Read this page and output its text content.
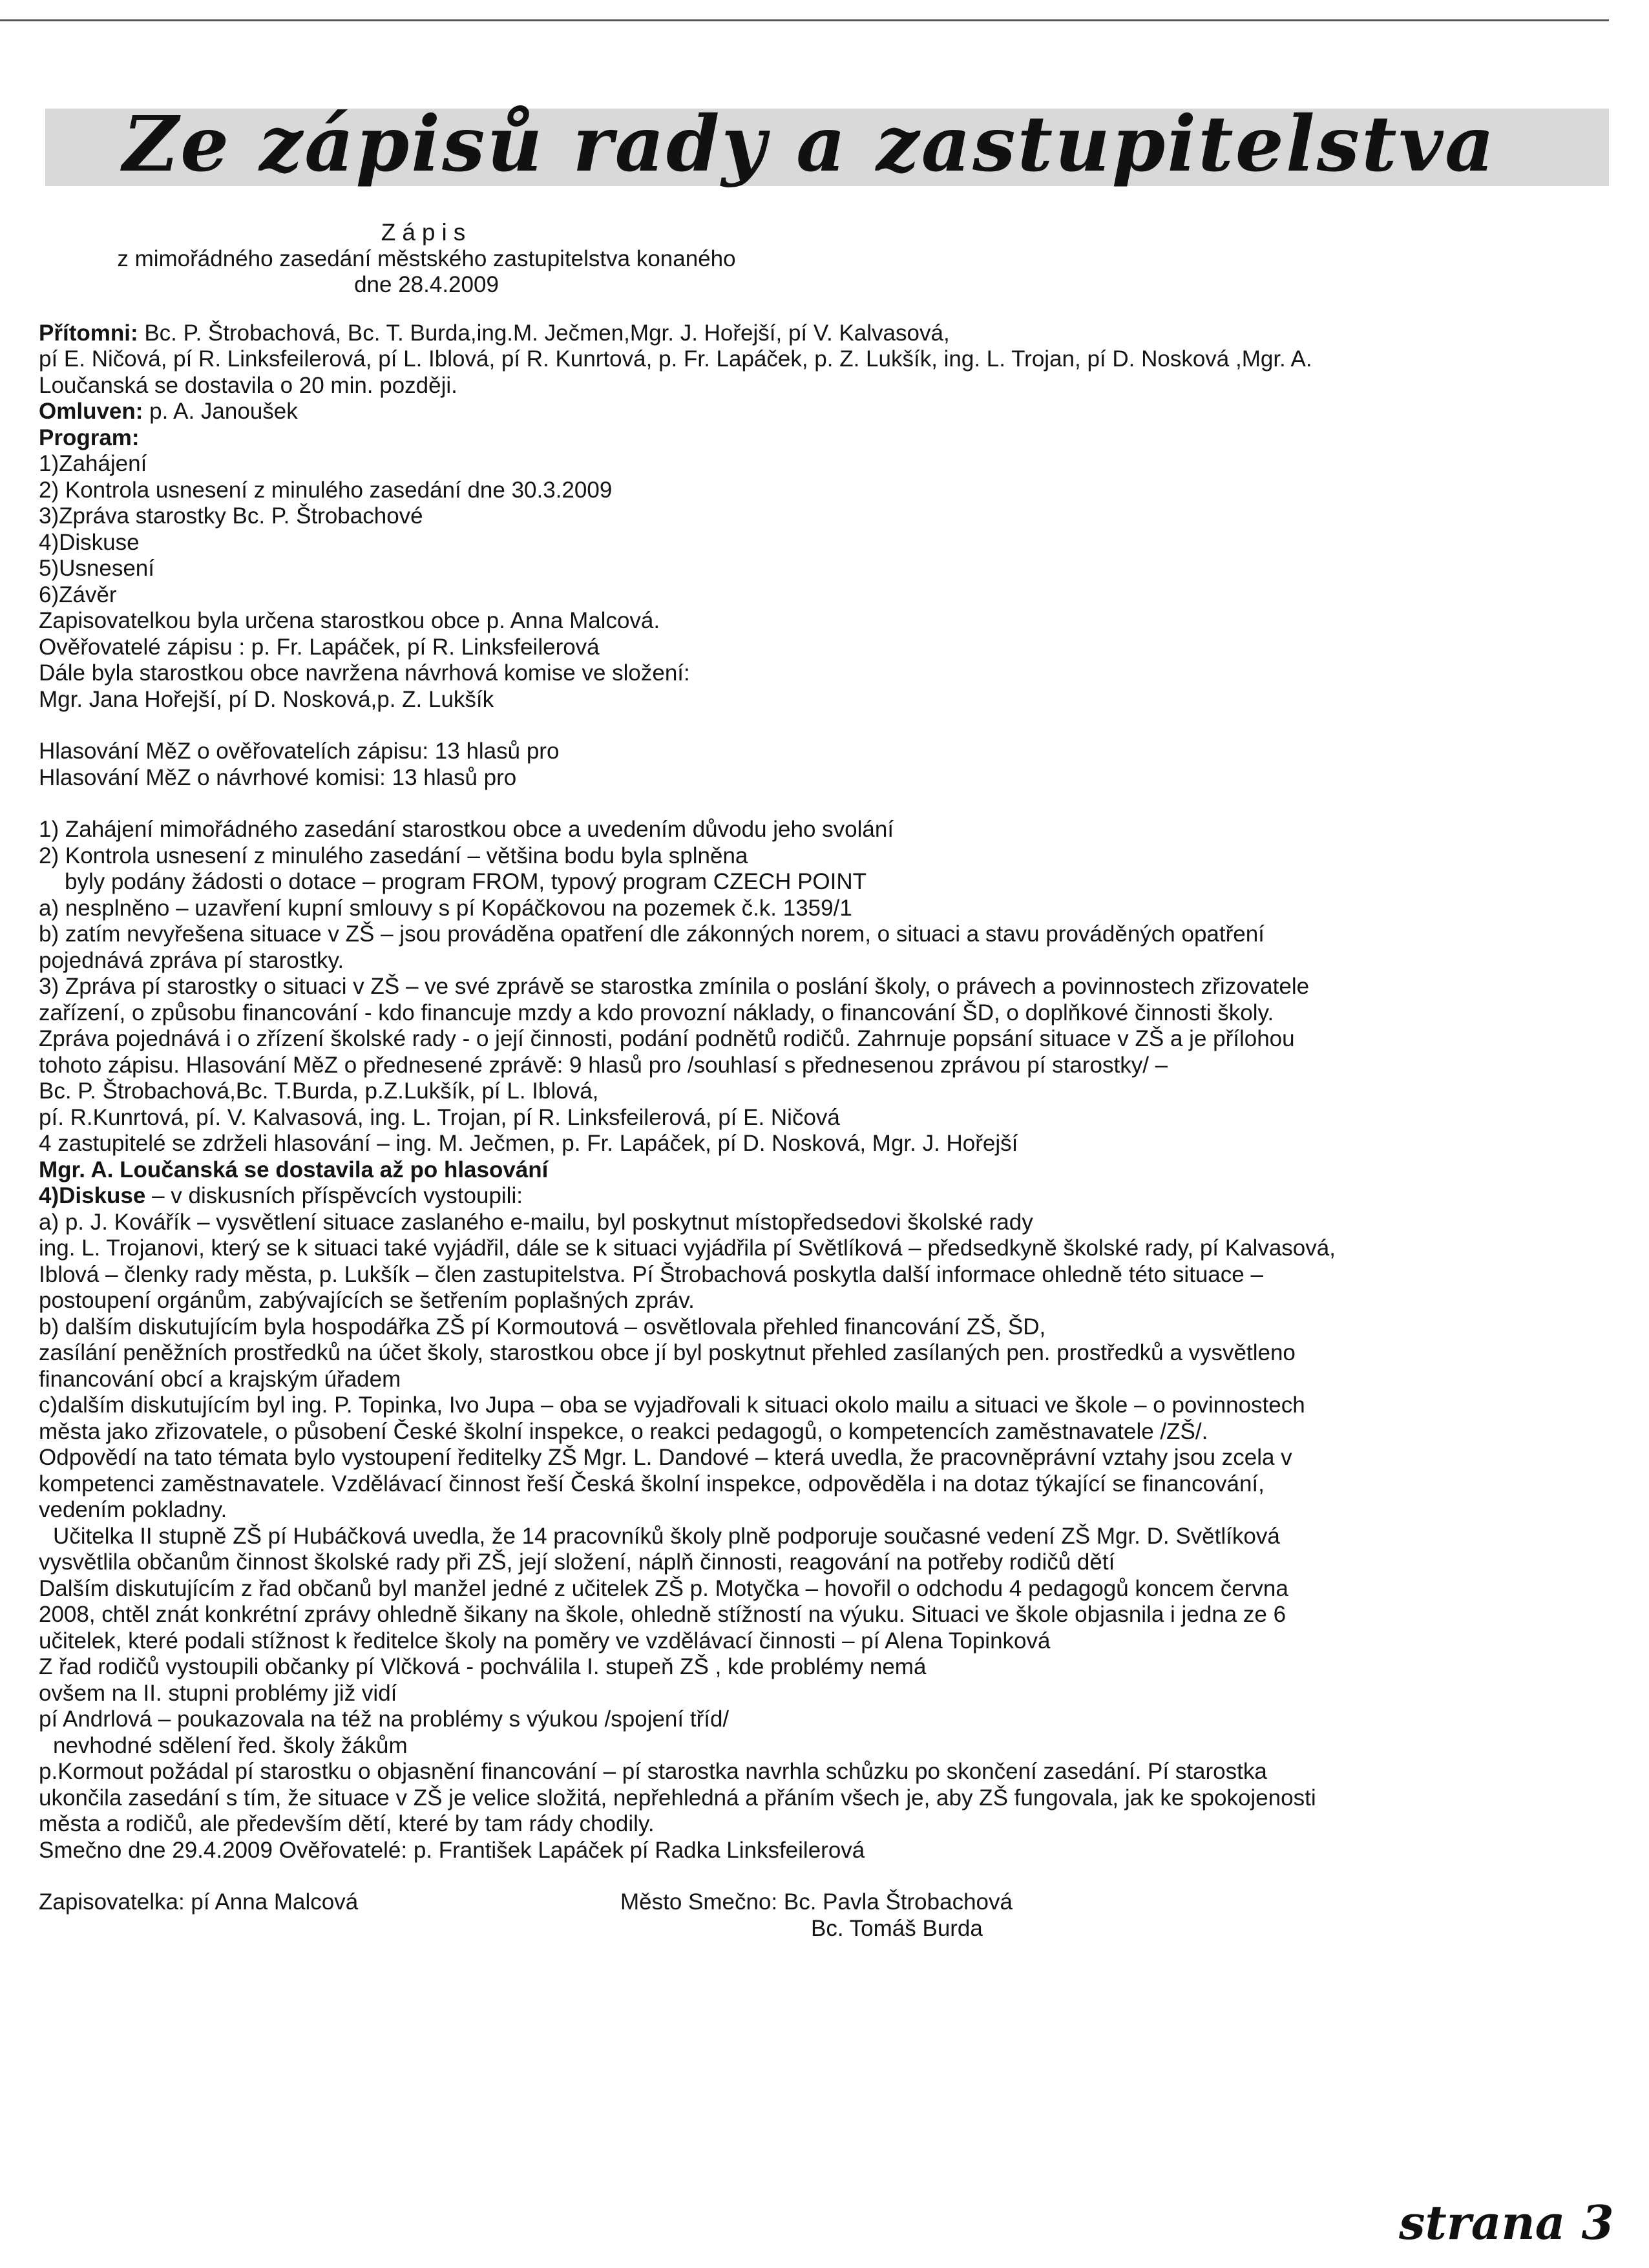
Ze zápisů rady a zastupitelstva

Zápis

z mimořádného zasedání městského zastupitelstva konaného

dne 28.4.2009

Přítomni: Bc. P. Štrobachová, Bc. T. Burda,ing.M. Ječmen,Mgr. J. Hořejší, pí V. Kalvasová,

pí E. Ničová, pí R. Linksfeilerová, pí L. Iblová, pí R. Kunrtová, p. Fr. Lapáček, p. Z. Lukšík, ing. L. Trojan, pí D. Nosková ,Mgr. A.

Loučanská se dostavila o 20 min. později.

Omluven: p. A. Janoušek

Program:

1)Zahájení

2) Kontrola usnesení z minulého zasedání dne 30.3.2009

3)Zpráva starostky Bc. P. Štrobachové

4)Diskuse

5)Usnesení

6)Závěr

Zapisovatelkou byla určena starostkou obce p. Anna Malcová.

Ověřovatelé zápisu : p. Fr. Lapáček, pí R. Linksfeilerová

Dále byla starostkou obce navržena návrhová komise ve složení:

Mgr. Jana Hořejší, pí D. Nosková,p. Z. Lukšík

Hlasování MěZ o ověřovatelích zápisu: 13 hlasů pro

Hlasování MěZ o návrhové komisi: 13 hlasů pro

1) Zahájení mimořádného zasedání starostkou obce a uvedením důvodu jeho svolání

2) Kontrola usnesení z minulého zasedání – většina bodu byla splněna

byly podány žádosti o dotace – program FROM, typový program CZECH POINT

a) nesplněno – uzavření kupní smlouvy s pí Kopáčkovou na pozemek č.k. 1359/1

b) zatím nevyřešena situace v ZŠ – jsou prováděna opatření dle zákonných norem, o situaci a stavu prováděných opatření

pojednává zpráva pí starostky.

3) Zpráva pí starostky o situaci v ZŠ – ve své zprávě se starostka zmínila o poslání školy, o právech a povinnostech zřizovatele

zařízení, o způsobu financování - kdo financuje mzdy a kdo provozní náklady, o financování ŠD, o doplňkové činnosti školy.

Zpráva pojednává i o zřízení školské rady - o její činnosti, podání podnětů rodičů. Zahrnuje popsání situace v ZŠ a je přílohou

tohoto zápisu. Hlasování MěZ o přednesené zprávě: 9 hlasů pro /souhlasí s přednesenou zprávou pí starostky/ –

Bc. P. Štrobachová,Bc. T.Burda, p.Z.Lukšík, pí L. Iblová,

pí. R.Kunrtová, pí. V. Kalvasová, ing. L. Trojan, pí R. Linksfeilerová, pí E. Ničová

4 zastupitelé se zdrželi hlasování – ing. M. Ječmen, p. Fr. Lapáček, pí D. Nosková, Mgr. J. Hořejší

Mgr. A. Loučanská se dostavila až po hlasování

4)Diskuse – v diskusních příspěvcích vystoupili:

a) p. J. Kovářík – vysvětlení situace zaslaného e-mailu, byl poskytnut místopředsedovi školské rady

ing. L. Trojanovi, který se k situaci také vyjádřil, dále se k situaci vyjádřila pí Světlíková – předsedkyně školské rady, pí Kalvasová,

Iblová – členky rady města, p. Lukšík – člen zastupitelstva. Pí Štrobachová poskytla další informace ohledně této situace –

postoupení orgánům, zabývajících se šetřením poplašných zpráv.

b) dalším diskutujícím byla hospodářka ZŠ pí Kormoutová – osvětlovala přehled financování ZŠ, ŠD,

zasílání peněžních prostředků na účet školy, starostkou obce jí byl poskytnut přehled zasílaných pen. prostředků a vysvětleno

financování obcí a krajským úřadem

c)dalším diskutujícím byl ing. P. Topinka, Ivo Jupa – oba se vyjadřovali k situaci okolo mailu a situaci ve škole – o povinnostech

města jako zřizovatele, o působení České školní inspekce, o reakci pedagogů, o kompetencích zaměstnavatele /ZŠ/.

Odpovědí na tato témata bylo vystoupení ředitelky ZŠ Mgr. L. Dandové – která uvedla, že pracovněprávní vztahy jsou zcela v

kompetenci zaměstnavatele. Vzdělávací činnost řeší Česká školní inspekce, odpověděla i na dotaz týkající se financování,

vedením pokladny.

Učitelka II stupně ZŠ pí Hubáčková uvedla, že 14 pracovníků školy plně podporuje současné vedení ZŠ Mgr. D. Světlíková

vysvětlila občanům činnost školské rady při ZŠ, její složení, náplň činnosti, reagování na potřeby rodičů dětí

Dalším diskutujícím z řad občanů byl manžel jedné z učitelek ZŠ p. Motyčka – hovořil o odchodu 4 pedagogů koncem června

2008, chtěl znát konkrétní zprávy ohledně šikany na škole, ohledně stížností na výuku. Situaci ve škole objasnila i jedna ze 6

učitelek, které podali stížnost k ředitelce školy na poměry ve vzdělávací činnosti – pí Alena Topinková

Z řad rodičů vystoupili občanky pí Vlčková - pochválila I. stupeň ZŠ , kde problémy nemá

ovšem na II. stupni problémy již vidí

pí Andrlová – poukazovala na též na problémy s výukou /spojení tříd/

nevhodné sdělení řed. školy žákům

p.Kormout požádal pí starostku o objasnění financování – pí starostka navrhla schůzku po skončení zasedání. Pí starostka

ukončila zasedání s tím, že situace v ZŠ je velice složitá, nepřehledná a přáním všech je, aby ZŠ fungovala, jak ke spokojenosti

města a rodičů, ale především dětí, které by tam rády chodily.

Smečno dne 29.4.2009 Ověřovatelé: p. František Lapáček pí Radka Linksfeilerová

Zapisovatelka: pí Anna Malcová	Město Smečno: Bc. Pavla Štrobachová

Bc. Tomáš Burda

strana 3
